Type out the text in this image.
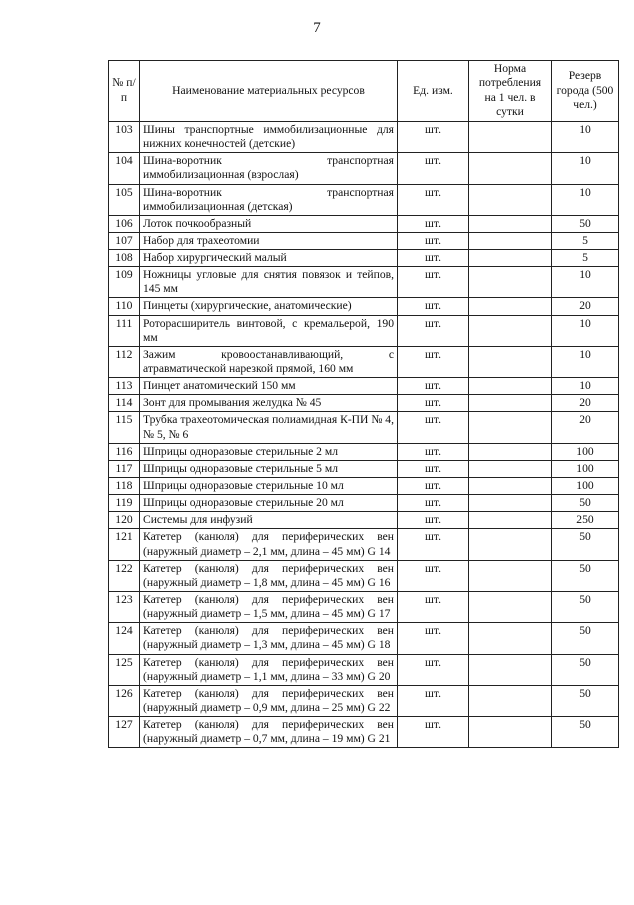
7
№ п/п	Наименование материальных ресурсов	Ед. изм.	Норма потребления на 1 чел. в сутки	Резерв города (500 чел.)
103	Шины транспортные иммобилизационные для нижних конечностей (детские)	шт.		10
104	Шина-воротник транспортная иммобилизационная (взрослая)	шт.		10
105	Шина-воротник транспортная иммобилизационная (детская)	шт.		10
106	Лоток почкообразный	шт.		50
107	Набор для трахеотомии	шт.		5
108	Набор хирургический малый	шт.		5
109	Ножницы угловые для снятия повязок и тейпов, 145 мм	шт.		10
110	Пинцеты (хирургические, анатомические)	шт.		20
111	Роторасширитель винтовой, с кремальерой, 190 мм	шт.		10
112	Зажим кровоостанавливающий, с атравматической нарезкой прямой, 160 мм	шт.		10
113	Пинцет анатомический 150 мм	шт.		10
114	Зонт для промывания желудка № 45	шт.		20
115	Трубка трахеотомическая полиамидная К-ПИ № 4, № 5, № 6	шт.		20
116	Шприцы одноразовые стерильные 2 мл	шт.		100
117	Шприцы одноразовые стерильные 5 мл	шт.		100
118	Шприцы одноразовые стерильные 10 мл	шт.		100
119	Шприцы одноразовые стерильные 20 мл	шт.		50
120	Системы для инфузий	шт.		250
121	Катетер (канюля) для периферических вен (наружный диаметр – 2,1 мм, длина – 45 мм) G 14	шт.		50
122	Катетер (канюля) для периферических вен (наружный диаметр – 1,8 мм, длина – 45 мм) G 16	шт.		50
123	Катетер (канюля) для периферических вен (наружный диаметр – 1,5 мм, длина – 45 мм) G 17	шт.		50
124	Катетер (канюля) для периферических вен (наружный диаметр – 1,3 мм, длина – 45 мм) G 18	шт.		50
125	Катетер (канюля) для периферических вен (наружный диаметр – 1,1 мм, длина – 33 мм) G 20	шт.		50
126	Катетер (канюля) для периферических вен (наружный диаметр – 0,9 мм, длина – 25 мм) G 22	шт.		50
127	Катетер (канюля) для периферических вен (наружный диаметр – 0,7 мм, длина – 19 мм) G 21	шт.		50
